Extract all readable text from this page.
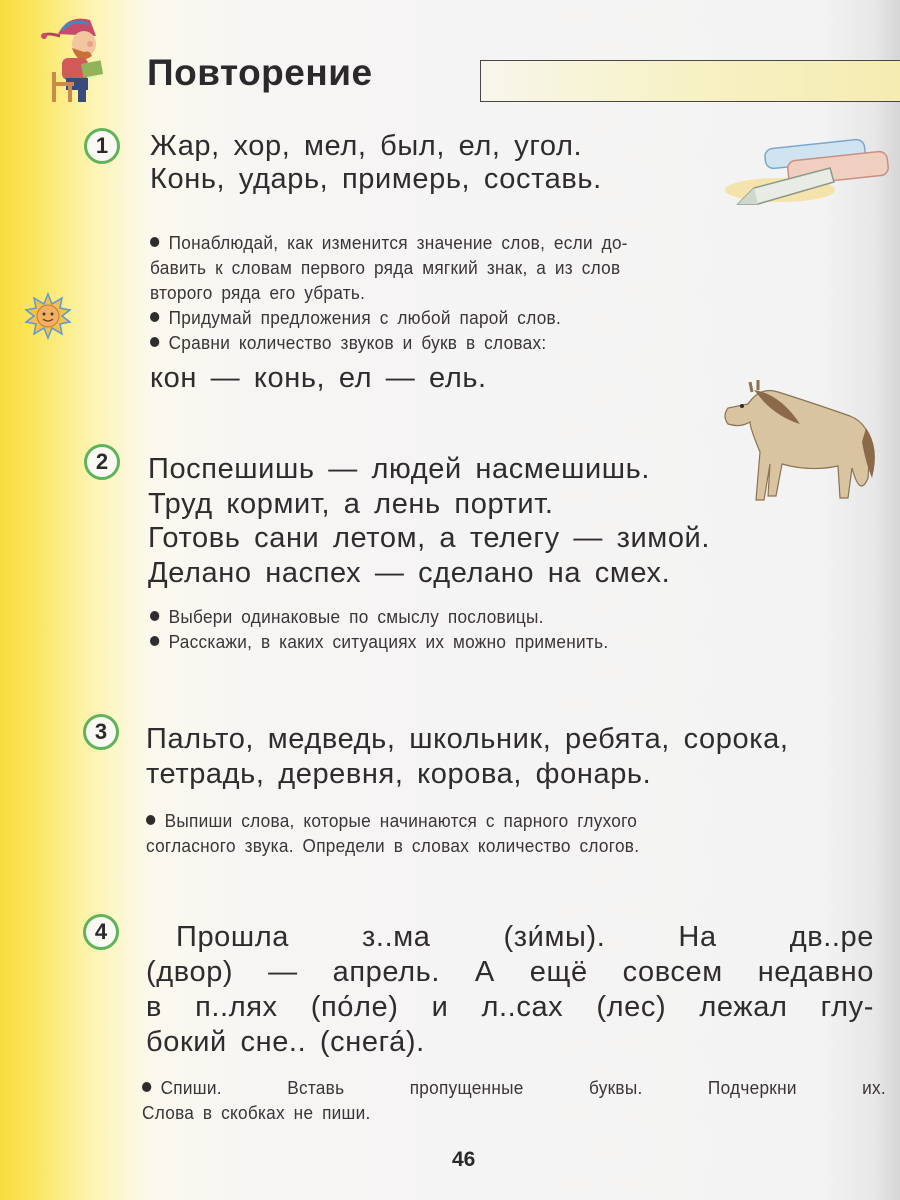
Повторение
1	Жар, хор, мел, был, ел, угол.
Конь, ударь, примерь, составь.

Понаблюдай, как изменится значение слов, если до-
бавить к словам первого ряда мягкий знак, а из слов
второго ряда его убрать.
Придумай предложения с любой парой слов.
Сравни количество звуков и букв в словах:

кон — конь, ел — ель.

2	Поспешишь — людей насмешишь.
Труд кормит, а лень портит.
Готовь сани летом, а телегу — зимой.
Делано наспех — сделано на смех.

Выбери одинаковые по смыслу пословицы.
Расскажи, в каких ситуациях их можно применить.

3	Пальто, медведь, школьник, ребята, сорока,
тетрадь, деревня, корова, фонарь.

Выпиши слова, которые начинаются с парного глухого
согласного звука. Определи в словах количество слогов.

4	Прошла з..ма (зи́мы). На дв..ре
(двор) — апрель. А ещё совсем недавно
в п..лях (по́ле) и л..сах (лес) лежал глу-
бокий сне.. (снега́).
Спиши. Вставь пропущенные буквы. Подчеркни их.
Слова в скобках не пиши.
46
